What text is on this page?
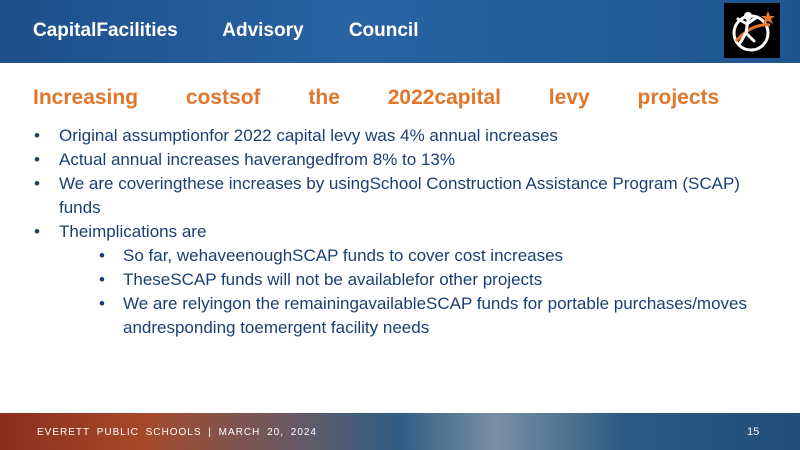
CapitalFacilities Advisory Council
Increasing costsof the 2022capital levy projects
• Original assumptionfor 2022 capital levy was 4% annual increases
• Actual annual increases haverangedfrom 8% to 13%
• We are coveringthese increases by usingSchool Construction Assistance Program (SCAP) funds
• Theimplications are
• So far, wehaveenoughSCAP funds to cover cost increases
• TheseSCAP funds will not be availablefor other projects
• We are relyingon the remainingavailableSCAP funds for portable purchases/moves andresponding toemergent facility needs
EVERETT PUBLIC SCHOOLS | MARCH 20, 2024	15
